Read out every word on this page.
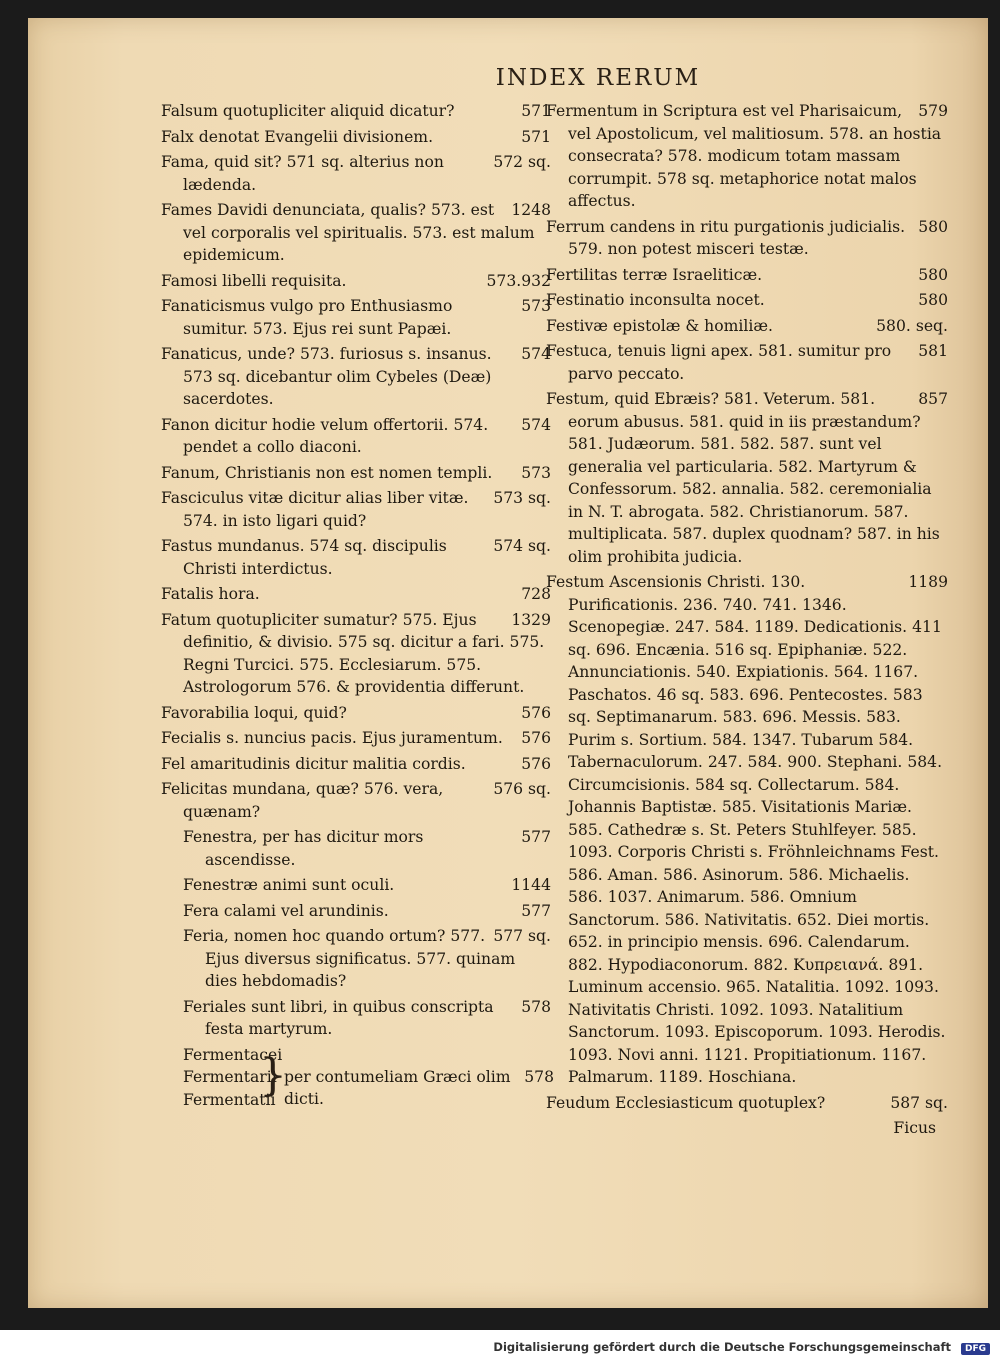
INDEX RERUM
571
Falsum quotupliciter aliquid dicatur?
571
Falx denotat Evangelii divisionem.
572 sq.
Fama, quid sit? 571 sq. alterius non lædenda.
1248
Fames Davidi denunciata, qualis? 573. est vel corporalis vel spiritualis. 573. est malum epidemicum.
573.932
Famosi libelli requisita.
573
Fanaticismus vulgo pro Enthusiasmo sumitur. 573. Ejus rei sunt Papæi.
574
Fanaticus, unde? 573. furiosus s. insanus. 573 sq. dicebantur olim Cybeles (Deæ) sacerdotes.
574
Fanon dicitur hodie velum offertorii. 574. pendet a collo diaconi.
573
Fanum, Christianis non est nomen templi.
573 sq.
Fasciculus vitæ dicitur alias liber vitæ. 574. in isto ligari quid?
574 sq.
Fastus mundanus. 574 sq. discipulis Christi interdictus.
728
Fatalis hora.
1329
Fatum quotupliciter sumatur? 575. Ejus definitio, & divisio. 575 sq. dicitur a fari. 575. Regni Turcici. 575. Ecclesiarum. 575. Astrologorum 576. & providentia differunt.
576
Favorabilia loqui, quid?
576
Fecialis s. nuncius pacis. Ejus juramentum.
576
Fel amaritudinis dicitur malitia cordis.
576 sq.
Felicitas mundana, quæ? 576. vera, quænam?
577
Fenestra, per has dicitur mors ascendisse.
1144
Fenestræ animi sunt oculi.
577
Fera calami vel arundinis.
577 sq.
Feria, nomen hoc quando ortum? 577. Ejus diversus significatus. 577. quinam dies hebdomadis?
578
Feriales sunt libri, in quibus conscripta festa martyrum.
Fermentacei
Fermentarii
Fermentatii
}	578
per contumeliam Græci olim dicti.
579
Fermentum in Scriptura est vel Pharisaicum, vel Apostolicum, vel malitiosum. 578. an hostia consecrata? 578. modicum totam massam corrumpit. 578 sq. metaphorice notat malos affectus.
580
Ferrum candens in ritu purgationis judicialis. 579. non potest misceri testæ.
580
Fertilitas terræ Israeliticæ.
580
Festinatio inconsulta nocet.
580. seq.
Festivæ epistolæ & homiliæ.
581
Festuca, tenuis ligni apex. 581. sumitur pro parvo peccato.
857
Festum, quid Ebræis? 581. Veterum. 581. eorum abusus. 581. quid in iis præstandum? 581. Judæorum. 581. 582. 587. sunt vel generalia vel particularia. 582. Martyrum & Confessorum. 582. annalia. 582. ceremonialia in N. T. abrogata. 582. Christianorum. 587. multiplicata. 587. duplex quodnam? 587. in his olim prohibita judicia.
1189
Festum Ascensionis Christi. 130. Purificationis. 236. 740. 741. 1346. Scenopegiæ. 247. 584. 1189. Dedicationis. 411 sq. 696. Encænia. 516 sq. Epiphaniæ. 522. Annunciationis. 540. Expiationis. 564. 1167. Paschatos. 46 sq. 583. 696. Pentecostes. 583 sq. Septimanarum. 583. 696. Messis. 583. Purim s. Sortium. 584. 1347. Tubarum 584. Tabernaculorum. 247. 584. 900. Stephani. 584. Circumcisionis. 584 sq. Collectarum. 584. Johannis Baptistæ. 585. Visitationis Mariæ. 585. Cathedræ s. St. Peters Stuhlfeyer. 585. 1093. Corporis Christi s. Fröhnleichnams Fest. 586. Aman. 586. Asinorum. 586. Michaelis. 586. 1037. Animarum. 586. Omnium Sanctorum. 586. Nativitatis. 652. Diei mortis. 652. in principio mensis. 696. Calendarum. 882. Hypodiaconorum. 882. Κυπρειανά. 891. Luminum accensio. 965. Natalitia. 1092. 1093. Nativitatis Christi. 1092. 1093. Natalitium Sanctorum. 1093. Episcoporum. 1093. Herodis. 1093. Novi anni. 1121. Propitiationum. 1167. Palmarum. 1189. Hoschiana.
587 sq.
Feudum Ecclesiasticum quotuplex?
Ficus
Digitalisierung gefördert durch die Deutsche Forschungsgemeinschaft DFG
